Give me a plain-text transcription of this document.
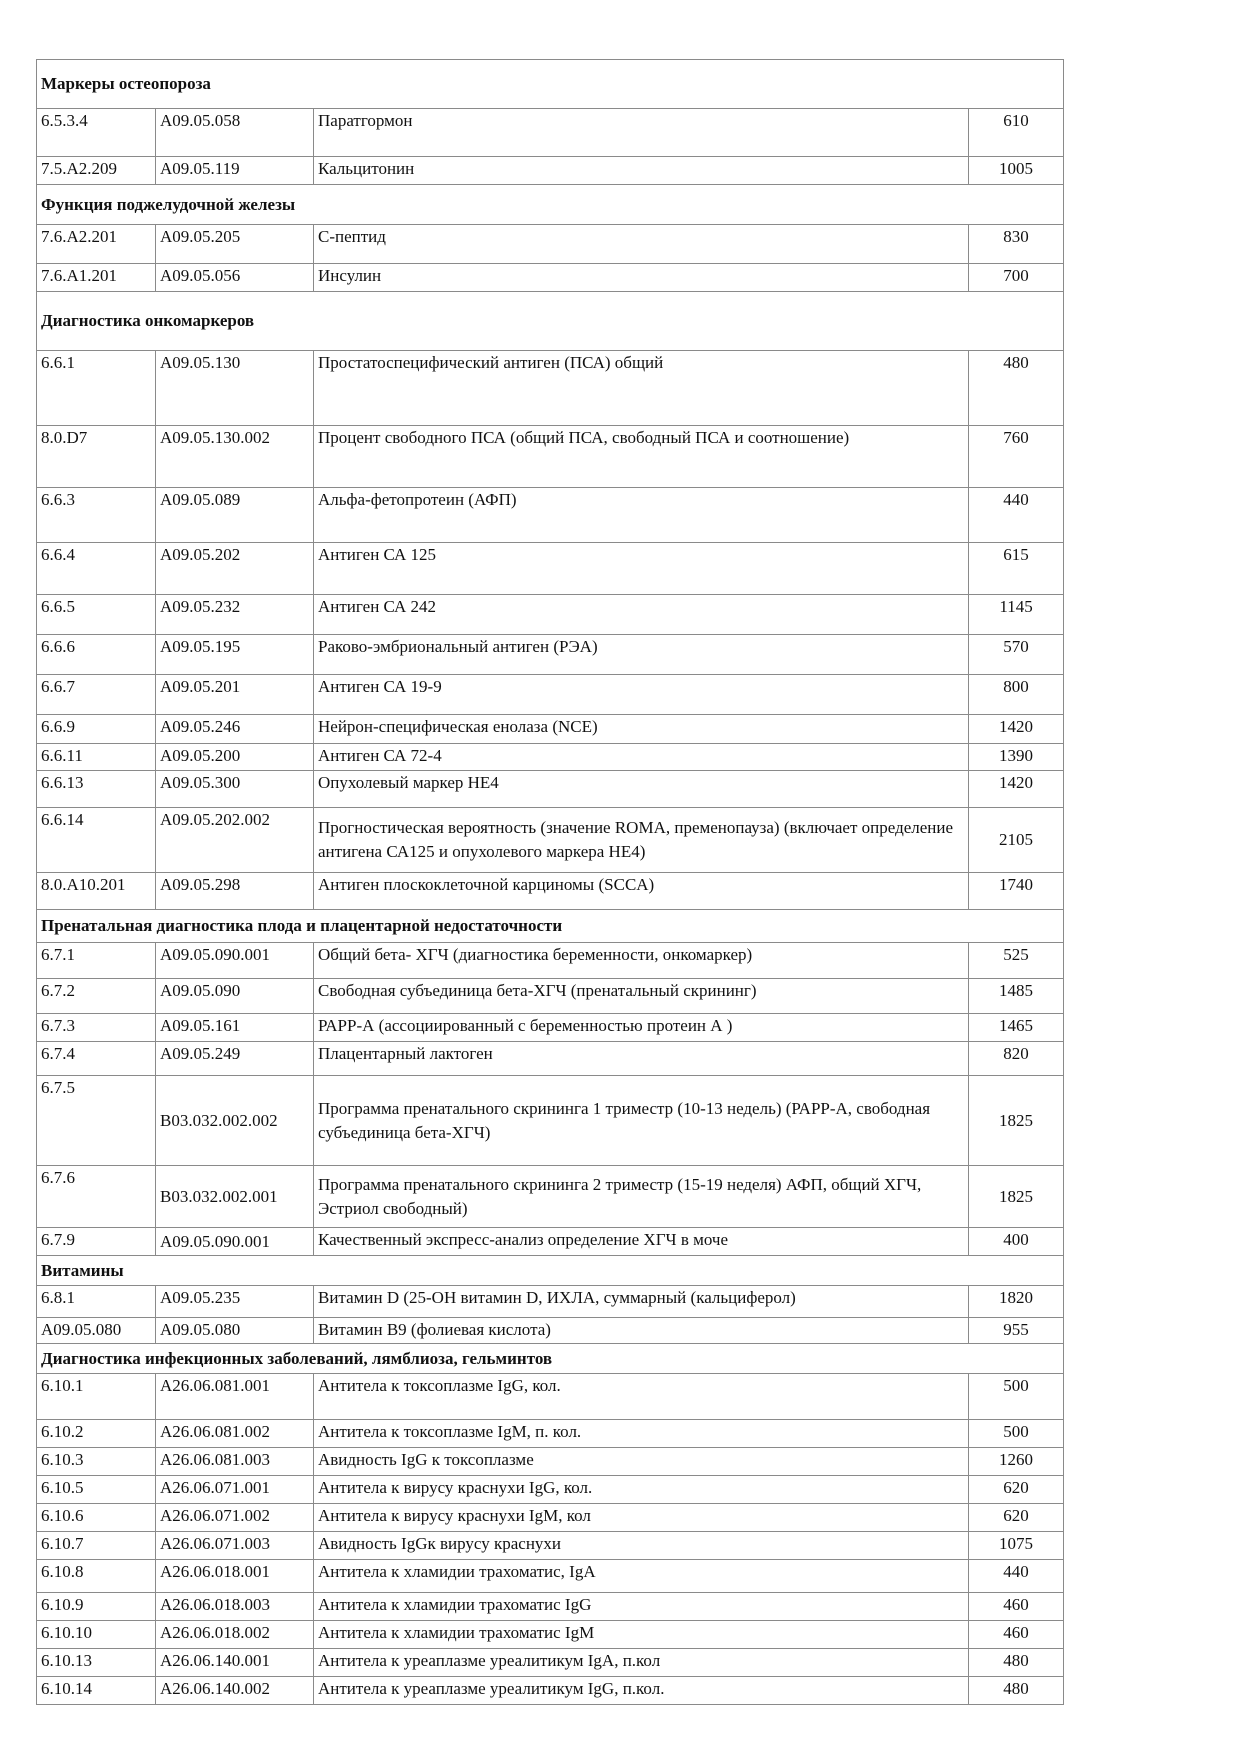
Маркеры остеопороза			
6.5.3.4	A09.05.058	Паратгормон	610
7.5.A2.209	A09.05.119	Кальцитонин	1005
Функция поджелудочной железы			
7.6.A2.201	A09.05.205	С-пептид	830
7.6.A1.201	A09.05.056	Инсулин	700
Диагностика онкомаркеров			
6.6.1	A09.05.130	Простатоспецифический антиген (ПСА) общий	480
8.0.D7	A09.05.130.002	Процент свободного ПСА (общий ПСА, свободный ПСА и соотношение)	760
6.6.3	A09.05.089	Альфа-фетопротеин (АФП)	440
6.6.4	A09.05.202	Антиген СА 125	615
6.6.5	A09.05.232	Антиген СА 242	1145
6.6.6	A09.05.195	Раково-эмбриональный антиген (РЭА)	570
6.6.7	A09.05.201	Антиген СА 19-9	800
6.6.9	A09.05.246	Нейрон-специфическая енолаза (NCE)	1420
6.6.11	A09.05.200	Антиген СА 72-4	1390
6.6.13	A09.05.300	Опухолевый маркер НЕ4	1420
6.6.14	A09.05.202.002	Прогностическая вероятность (значение ROMA, пременопауза) (включает определение антигена СА125 и опухолевого маркера НЕ4)	2105
8.0.A10.201	A09.05.298	Антиген плоскоклеточной карциномы (SCCA)	1740
Пренатальная диагностика плода и плацентарной недостаточности			
6.7.1	A09.05.090.001	Общий бета- ХГЧ (диагностика беременности, онкомаркер)	525
6.7.2	A09.05.090	Свободная субъединица бета-ХГЧ (пренатальный скрининг)	1485
6.7.3	A09.05.161	РАРР-А (ассоциированный с беременностью протеин А )	1465
6.7.4	A09.05.249	Плацентарный лактоген	820
6.7.5	B03.032.002.002	Программа пренатального скрининга 1 триместр (10-13 недель) (РАРР-А, свободная субъединица бета-ХГЧ)	1825
6.7.6	B03.032.002.001	Программа пренатального скрининга 2 триместр (15-19 неделя) АФП, общий ХГЧ, Эстриол свободный)	1825
6.7.9	A09.05.090.001	Качественный экспресс-анализ определение ХГЧ в моче	400
Витамины			
6.8.1	A09.05.235	Витамин D (25-ОН витамин D, ИХЛА, суммарный (кальциферол)	1820
A09.05.080	A09.05.080	Витамин В9 (фолиевая кислота)	955
Диагностика инфекционных заболеваний, лямблиоза, гельминтов			
6.10.1	A26.06.081.001	Антитела к токсоплазме IgG, кол.	500
6.10.2	A26.06.081.002	Антитела к токсоплазме IgM, п. кол.	500
6.10.3	A26.06.081.003	Авидность IgG к токсоплазме	1260
6.10.5	A26.06.071.001	Антитела к вирусу краснухи IgG, кол.	620
6.10.6	A26.06.071.002	Антитела к вирусу краснухи IgM, кол	620
6.10.7	A26.06.071.003	Авидность IgGк вирусу краснухи	1075
6.10.8	A26.06.018.001	Антитела к хламидии трахоматис, IgA	440
6.10.9	A26.06.018.003	Антитела к хламидии трахоматис IgG	460
6.10.10	A26.06.018.002	Антитела к хламидии трахоматис IgM	460
6.10.13	A26.06.140.001	Антитела к уреаплазме уреалитикум IgA, п.кол	480
6.10.14	A26.06.140.002	Антитела к уреаплазме уреалитикум IgG, п.кол.	480
